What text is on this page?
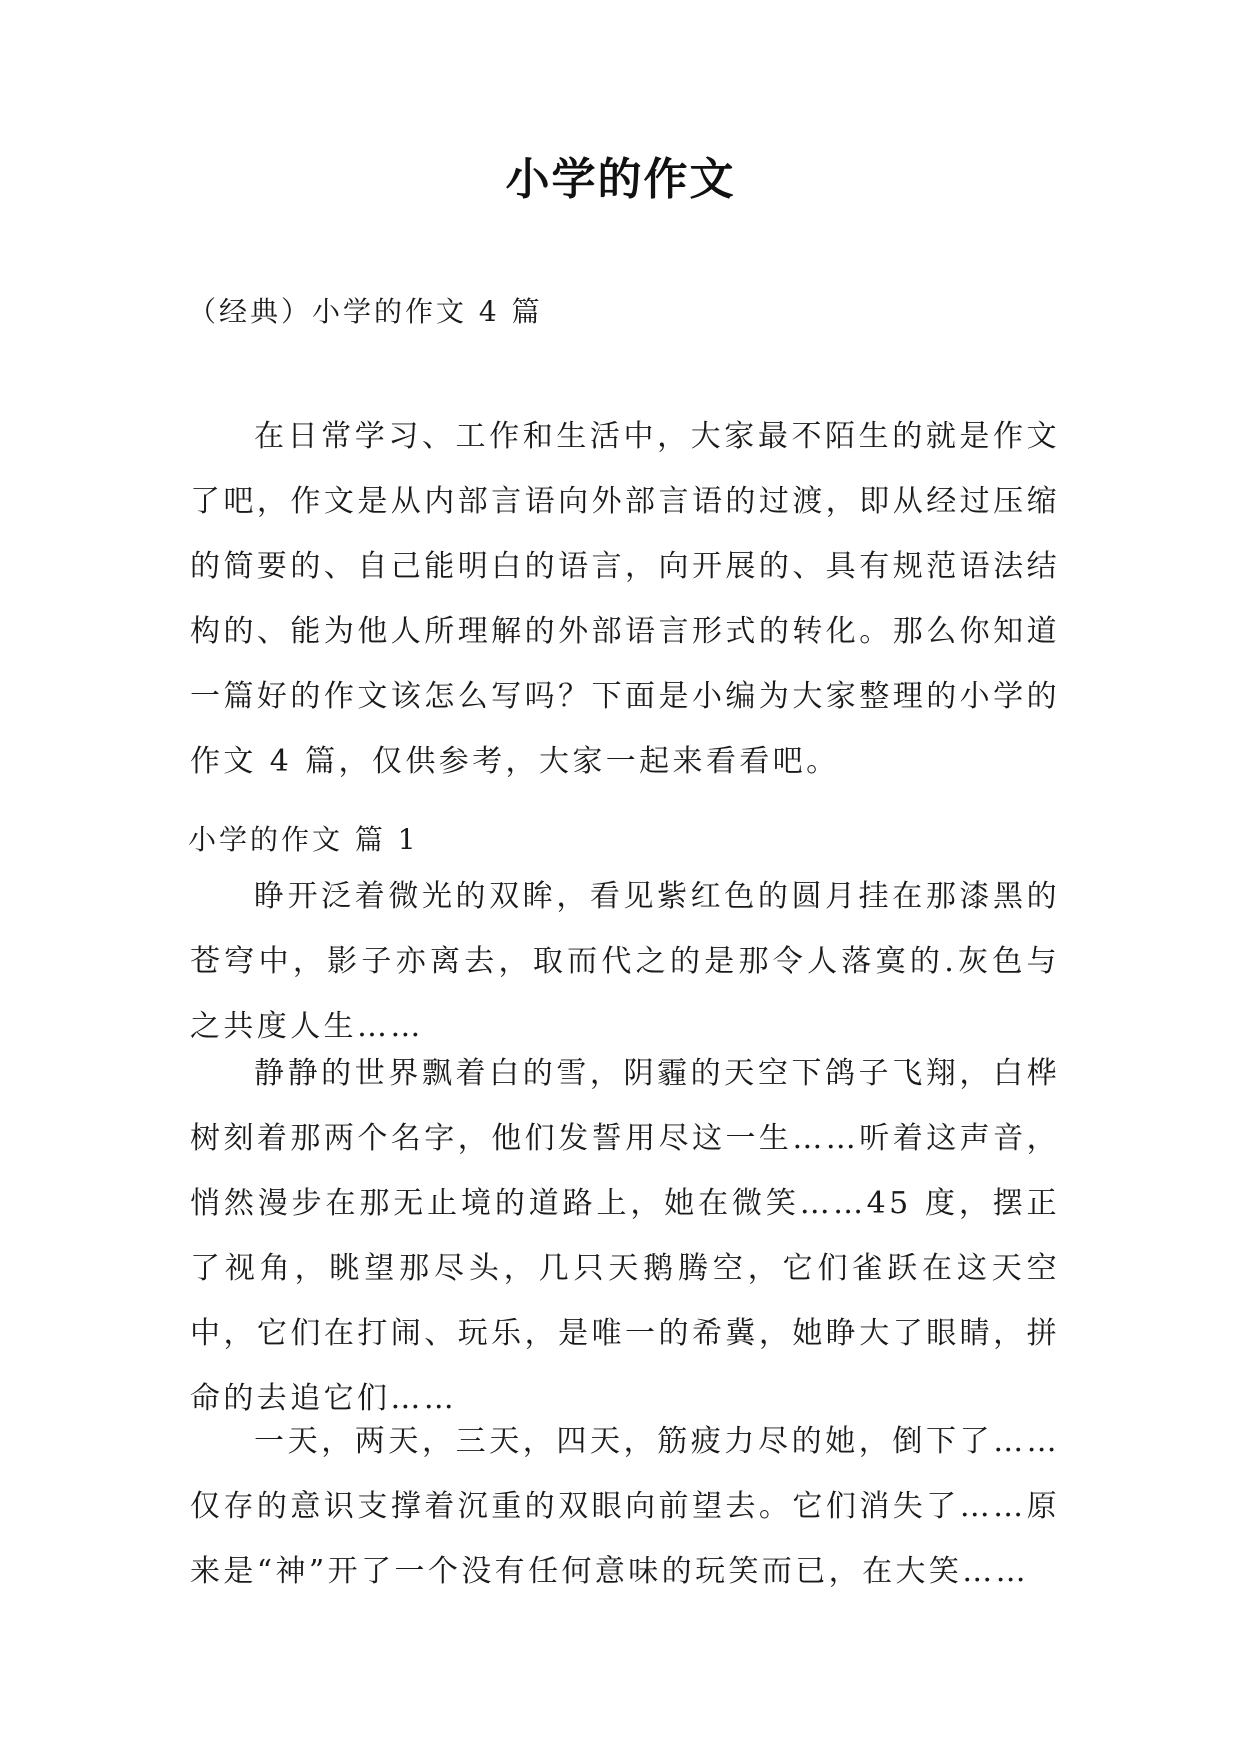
小学的作文
（经典）小学的作文 4 篇

在日常学习、工作和生活中，大家最不陌生的就是作文了吧，作文是从内部言语向外部言语的过渡，即从经过压缩的简要的、自己能明白的语言，向开展的、具有规范语法结构的、能为他人所理解的外部语言形式的转化。那么你知道一篇好的作文该怎么写吗？下面是小编为大家整理的小学的作文 4 篇，仅供参考，大家一起来看看吧。

小学的作文 篇 1

睁开泛着微光的双眸，看见紫红色的圆月挂在那漆黑的苍穹中，影子亦离去，取而代之的是那令人落寞的.灰色与之共度人生……

静静的世界飘着白的雪，阴霾的天空下鸽子飞翔，白桦树刻着那两个名字，他们发誓用尽这一生……听着这声音，悄然漫步在那无止境的道路上，她在微笑……45 度，摆正了视角，眺望那尽头，几只天鹅腾空，它们雀跃在这天空中，它们在打闹、玩乐，是唯一的希冀，她睁大了眼睛，拼命的去追它们……

一天，两天，三天，四天，筋疲力尽的她，倒下了……仅存的意识支撑着沉重的双眼向前望去。它们消失了……原来是“神”开了一个没有任何意味的玩笑而已，在大笑……
